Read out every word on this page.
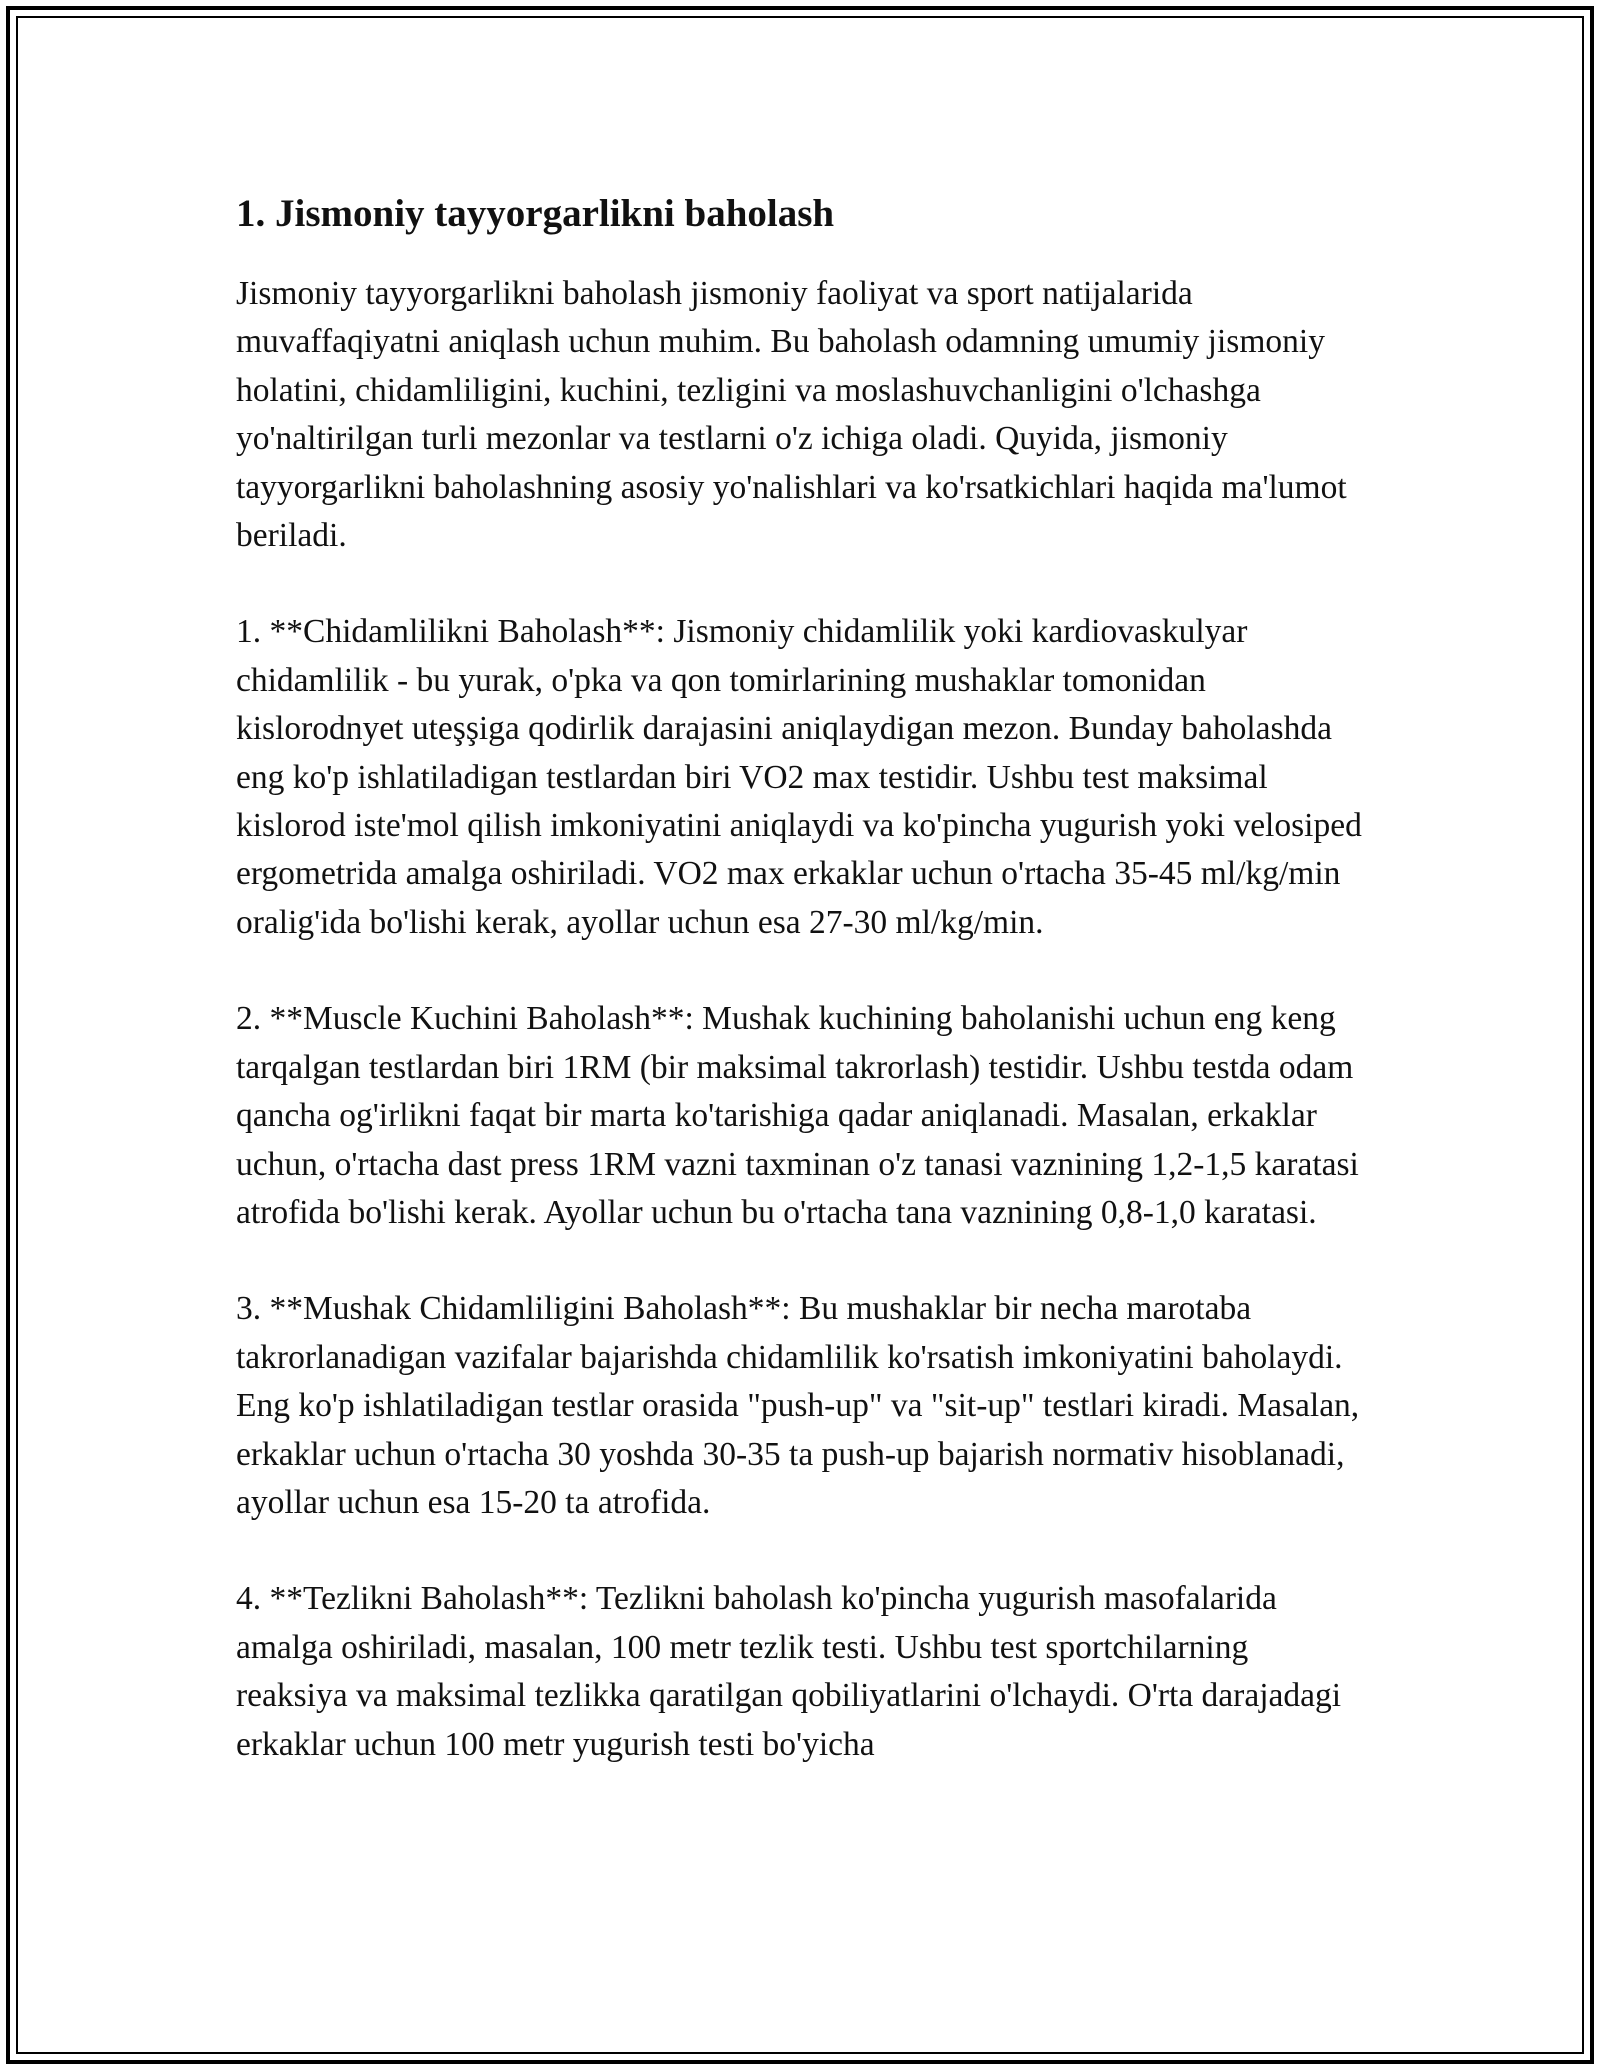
1. Jismoniy tayyorgarlikni baholash

Jismoniy tayyorgarlikni baholash jismoniy faoliyat va sport natijalarida muvaffaqiyatni aniqlash uchun muhim. Bu baholash odamning umumiy jismoniy holatini, chidamliligini, kuchini, tezligini va moslashuvchanligini o'lchashga yo'naltirilgan turli mezonlar va testlarni o'z ichiga oladi. Quyida, jismoniy tayyorgarlikni baholashning asosiy yo'nalishlari va ko'rsatkichlari haqida ma'lumot beriladi.

1. **Chidamlilikni Baholash**: Jismoniy chidamlilik yoki kardiovaskulyar chidamlilik - bu yurak, o'pka va qon tomirlarining mushaklar tomonidan kislorodnyet uteşşiga qodirlik darajasini aniqlaydigan mezon. Bunday baholashda eng ko'p ishlatiladigan testlardan biri VO2 max testidir. Ushbu test maksimal kislorod iste'mol qilish imkoniyatini aniqlaydi va ko'pincha yugurish yoki velosiped ergometrida amalga oshiriladi. VO2 max erkaklar uchun o'rtacha 35-45 ml/kg/min oralig'ida bo'lishi kerak, ayollar uchun esa 27-30 ml/kg/min.

2. **Muscle Kuchini Baholash**: Mushak kuchining baholanishi uchun eng keng tarqalgan testlardan biri 1RM (bir maksimal takrorlash) testidir. Ushbu testda odam qancha og'irlikni faqat bir marta ko'tarishiga qadar aniqlanadi. Masalan, erkaklar uchun, o'rtacha dast press 1RM vazni taxminan o'z tanasi vaznining 1,2-1,5 karatasi atrofida bo'lishi kerak. Ayollar uchun bu o'rtacha tana vaznining 0,8-1,0 karatasi.

3. **Mushak Chidamliligini Baholash**: Bu mushaklar bir necha marotaba takrorlanadigan vazifalar bajarishda chidamlilik ko'rsatish imkoniyatini baholaydi. Eng ko'p ishlatiladigan testlar orasida "push-up" va "sit-up" testlari kiradi. Masalan, erkaklar uchun o'rtacha 30 yoshda 30-35 ta push-up bajarish normativ hisoblanadi, ayollar uchun esa 15-20 ta atrofida.

4. **Tezlikni Baholash**: Tezlikni baholash ko'pincha yugurish masofalarida amalga oshiriladi, masalan, 100 metr tezlik testi. Ushbu test sportchilarning reaksiya va maksimal tezlikka qaratilgan qobiliyatlarini o'lchaydi. O'rta darajadagi erkaklar uchun 100 metr yugurish testi bo'yicha
